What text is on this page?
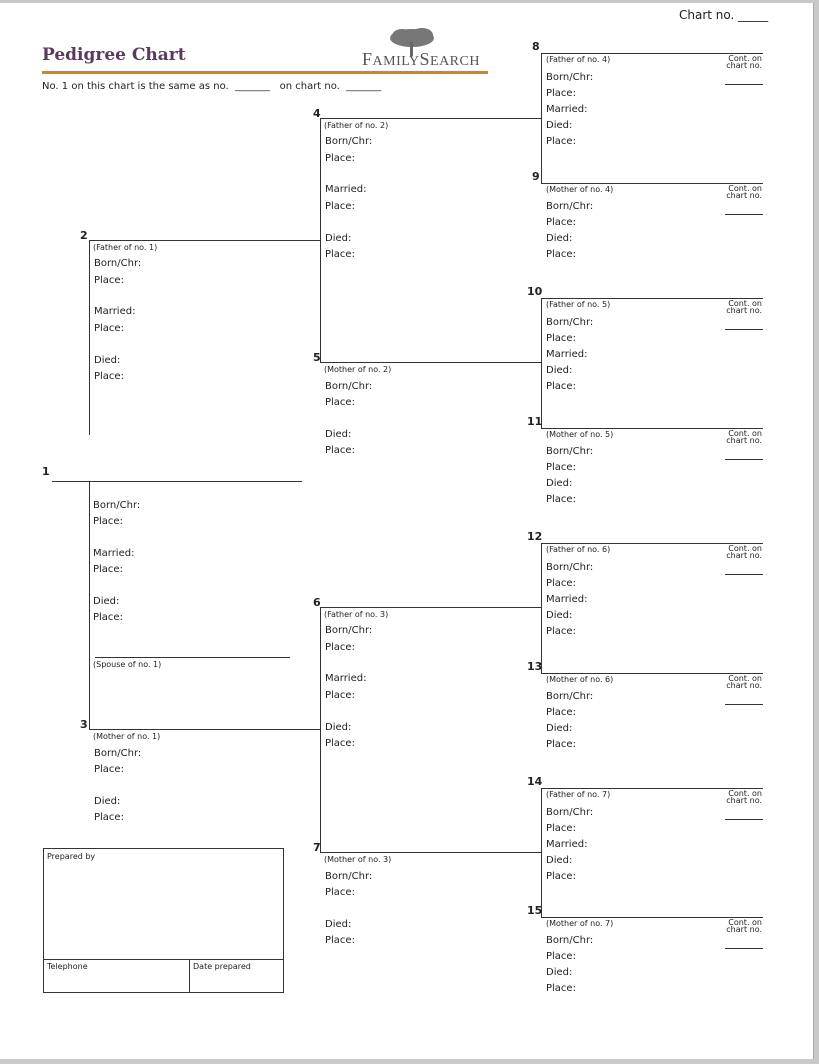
Chart no. _____
Pedigree Chart	FAMILYSEARCH
No. 1 on this chart is the same as no.  _______   on chart no.  _______
1
Born/Chr:
Place:
Married:
Place:
Died:
Place:
(Spouse of no. 1)
2
(Father of no. 1)
Born/Chr:
Place:
Married:
Place:
Died:
Place:
3
(Mother of no. 1)
Born/Chr:
Place:
Died:
Place:
4
(Father of no. 2)
Born/Chr:
Place:
Married:
Place:
Died:
Place:
5
(Mother of no. 2)
Born/Chr:
Place:
Died:
Place:
6
(Father of no. 3)
Born/Chr:
Place:
Married:
Place:
Died:
Place:
7
(Mother of no. 3)
Born/Chr:
Place:
Died:
Place:
8
(Father of no. 4)
Born/Chr:
Place:
Married:
Died:
Place:
Cont. on
chart no.
9
(Mother of no. 4)
Born/Chr:
Place:
Died:
Place:
Cont. on
chart no.
10
(Father of no. 5)
Born/Chr:
Place:
Married:
Died:
Place:
Cont. on
chart no.
11
(Mother of no. 5)
Born/Chr:
Place:
Died:
Place:
Cont. on
chart no.
12
(Father of no. 6)
Born/Chr:
Place:
Married:
Died:
Place:
Cont. on
chart no.
13
(Mother of no. 6)
Born/Chr:
Place:
Died:
Place:
Cont. on
chart no.
14
(Father of no. 7)
Born/Chr:
Place:
Married:
Died:
Place:
Cont. on
chart no.
15
(Mother of no. 7)
Born/Chr:
Place:
Died:
Place:
Cont. on
chart no.
Prepared by
Telephone	Date prepared
